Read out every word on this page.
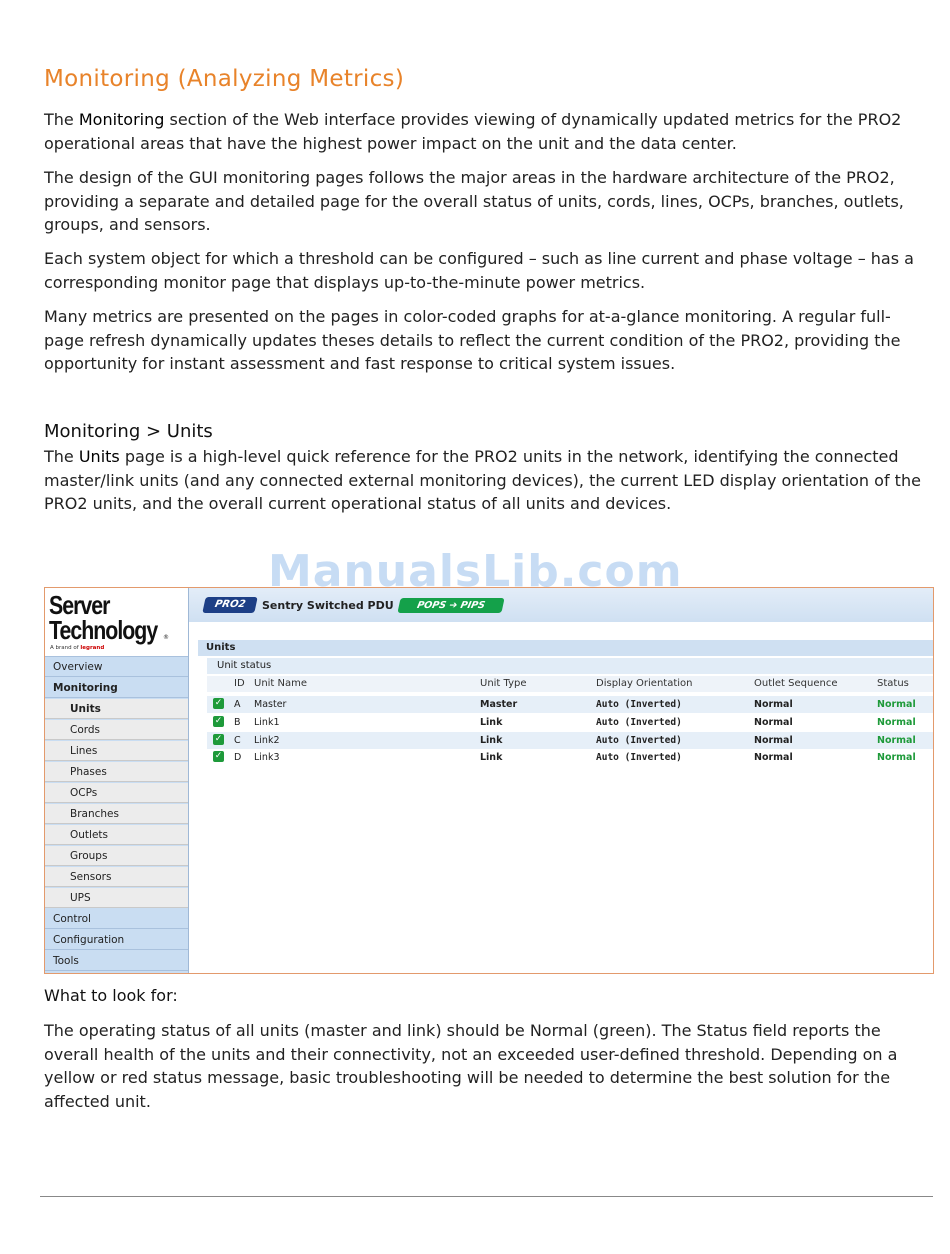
Monitoring (Analyzing Metrics)

The Monitoring section of the Web interface provides viewing of dynamically updated metrics for the PRO2 operational areas that have the highest power impact on the unit and the data center.

The design of the GUI monitoring pages follows the major areas in the hardware architecture of the PRO2, providing a separate and detailed page for the overall status of units, cords, lines, OCPs, branches, outlets, groups, and sensors.

Each system object for which a threshold can be configured – such as line current and phase voltage – has a corresponding monitor page that displays up-to-the-minute power metrics.

Many metrics are presented on the pages in color-coded graphs for at-a-glance monitoring. A regular full-page refresh dynamically updates theses details to reflect the current condition of the PRO2, providing the opportunity for instant assessment and fast response to critical system issues.

Monitoring > Units

The Units page is a high-level quick reference for the PRO2 units in the network, identifying the connected master/link units (and any connected external monitoring devices), the current LED display orientation of the PRO2 units, and the overall current operational status of all units and devices.

Server
Technology ®
A brand of legrand
Overview
Monitoring
Units
Cords
Lines
Phases
OCPs
Branches
Outlets
Groups
Sensors
UPS
Control
Configuration
Tools
PRO2	Sentry Switched PDU	POPS ➔ PIPS
Units
Unit status
ID Unit Name	Unit Type	Display Orientation	Outlet Sequence	Status
✓ A Master	Master	Auto (Inverted)	Normal	Normal
✓ B Link1	Link	Auto (Inverted)	Normal	Normal
✓ C Link2	Link	Auto (Inverted)	Normal	Normal
✓ D Link3	Link	Auto (Inverted)	Normal	Normal
ManualsLib.com
What to look for:

The operating status of all units (master and link) should be Normal (green). The Status field reports the overall health of the units and their connectivity, not an exceeded user-defined threshold. Depending on a yellow or red status message, basic troubleshooting will be needed to determine the best solution for the affected unit.
